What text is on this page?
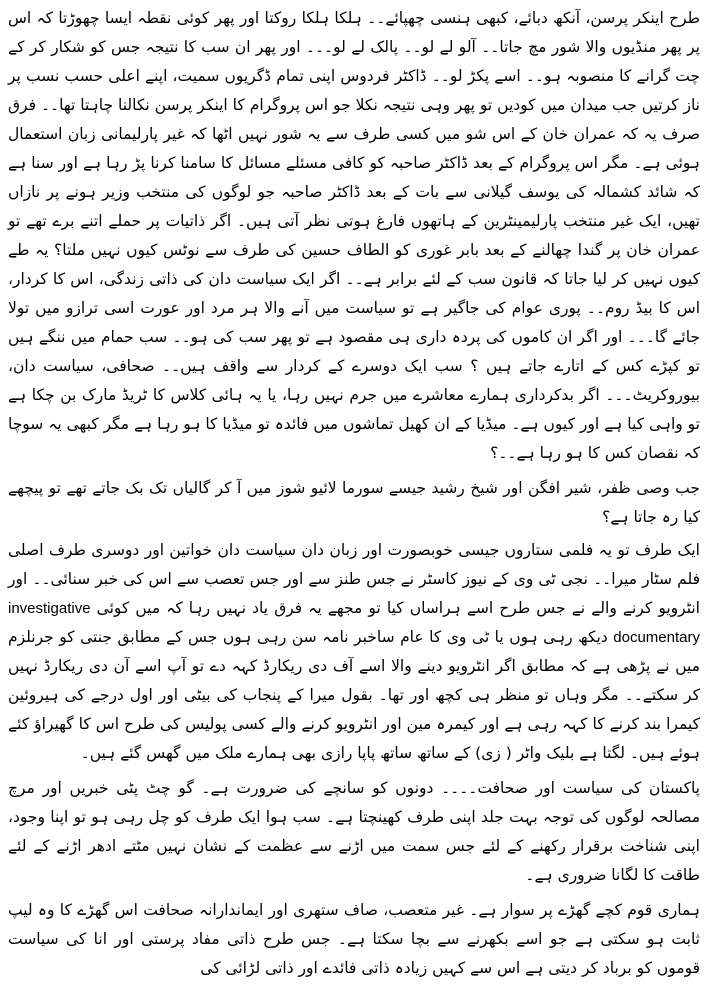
طرح اینکر پرسن، آنکھ دبائے، کبھی ہنسی چھپائے۔۔ ہلکا ہلکا روکتا اور پھر کوئی نقطہ ایسا چھوڑتا کہ اس پر پھر منڈیوں والا شور مچ جاتا۔۔ آلو لے لو۔۔ پالک لے لو۔۔۔ اور پھر ان سب کا نتیجہ جس کو شکار کر کے چت گرانے کا منصوبہ ہو۔۔ اسے پکڑ لو۔۔ ڈاکٹر فردوس اپنی تمام ڈگریوں سمیت، اپنے اعلی حسب نسب پر ناز کرتیں جب میدان میں کودیں تو پھر وہی نتیجہ نکلا جو اس پروگرام کا اینکر پرسن نکالنا چاہتا تھا۔۔ فرق صرف یہ کہ عمران خان کے اس شو میں کسی طرف سے یہ شور نہیں اٹھا کہ غیر پارلیمانی زبان استعمال ہوئی ہے۔ مگر اس پروگرام کے بعد ڈاکٹر صاحبہ کو کافی مسئلے مسائل کا سامنا کرنا پڑ رہا ہے اور سنا ہے کہ شائد کشمالہ کی یوسف گیلانی سے بات کے بعد ڈاکٹر صاحبہ جو لوگوں کی منتخب وزیر ہونے پر نازاں تھیں، ایک غیر منتخب پارلیمینٹرین کے ہاتھوں فارغ ہوتی نظر آتی ہیں۔ اگر ذاتیات پر حملے اتنے برے تھے تو عمران خان پر گندا چھالنے کے بعد بابر غوری کو الطاف حسین کی طرف سے نوٹس کیوں نہیں ملتا؟ یہ طے کیوں نہیں کر لیا جاتا کہ قانون سب کے لئے برابر ہے۔۔ اگر ایک سیاست دان کی ذاتی زندگی، اس کا کردار، اس کا بیڈ روم۔۔ پوری عوام کی جاگیر ہے تو سیاست میں آنے والا ہر مرد اور عورت اسی ترازو میں تولا جائے گا۔۔۔ اور اگر ان کاموں کی پردہ داری ہی مقصود ہے تو پھر سب کی ہو۔۔ سب حمام میں ننگے ہیں تو کپڑے کس کے اتارے جاتے ہیں ؟ سب ایک دوسرے کے کردار سے واقف ہیں۔۔ صحافی، سیاست دان، بیوروکریٹ۔۔۔ اگر بدکرداری ہمارے معاشرے میں جرم نہیں رہا، یا یہ ہائی کلاس کا ٹریڈ مارک بن چکا ہے تو واہی کیا ہے اور کیوں ہے۔ میڈیا کے ان کھیل تماشوں میں فائدہ تو میڈیا کا ہو رہا ہے مگر کبھی یہ سوچا کہ نقصان کس کا ہو رہا ہے۔۔؟

جب وصی ظفر، شیر افگن اور شیخ رشید جیسے سورما لائیو شوز میں آ کر گالیاں تک بک جاتے تھے تو پیچھے کیا رہ جاتا ہے؟

ایک طرف تو یہ فلمی ستاروں جیسی خوبصورت اور زبان دان سیاست دان خواتین اور دوسری طرف اصلی فلم سٹار میرا۔۔ نجی ٹی وی کے نیوز کاسٹر نے جس طنز سے اور جس تعصب سے اس کی خبر سنائی۔۔ اور انٹرویو کرنے والے نے جس طرح اسے ہراساں کیا تو مجھے یہ فرق یاد نہیں رہا کہ میں کوئی investigative documentary دیکھ رہی ہوں یا ٹی وی کا عام ساخبر نامہ سن رہی ہوں جس کے مطابق جنتی کو جرنلزم میں نے پڑھی ہے کہ مطابق اگر انٹرویو دینے والا اسے آف دی ریکارڈ کہہ دے تو آپ اسے آن دی ریکارڈ نہیں کر سکتے۔۔ مگر وہاں تو منظر ہی کچھ اور تھا۔ بقول میرا کے پنجاب کی بیٹی اور اول درجے کی ہیروئین کیمرا بند کرنے کا کہہ رہی ہے اور کیمرہ مین اور انٹرویو کرنے والے کسی پولیس کی طرح اس کا گھیراؤ کئے ہوئے ہیں۔ لگتا ہے بلیک واٹر ( زی) کے ساتھ ساتھ پاپا رازی بھی ہمارے ملک میں گھس گئے ہیں۔

پاکستان کی سیاست اور صحافت۔۔۔۔ دونوں کو سانچے کی ضرورت ہے۔ گو چٹ پٹی خبریں اور مرچ مصالحہ لوگوں کی توجہ بہت جلد اپنی طرف کھینچتا ہے۔ سب ہوا ایک طرف کو چل رہی ہو تو اپنا وجود، اپنی شناخت برقرار رکھنے کے لئے جس سمت میں اڑنے سے عظمت کے نشان نہیں مٹتے ادھر اڑنے کے لئے طاقت کا لگانا ضروری ہے۔

ہماری قوم کچے گھڑے پر سوار ہے۔ غیر متعصب، صاف ستھری اور ایماندارانہ صحافت اس گھڑے کا وہ لیپ ثابت ہو سکتی ہے جو اسے بکھرنے سے بچا سکتا ہے۔ جس طرح ذاتی مفاد پرستی اور انا کی سیاست قوموں کو برباد کر دیتی ہے اس سے کہیں زیادہ ذاتی فائدے اور ذاتی لڑائی کی
